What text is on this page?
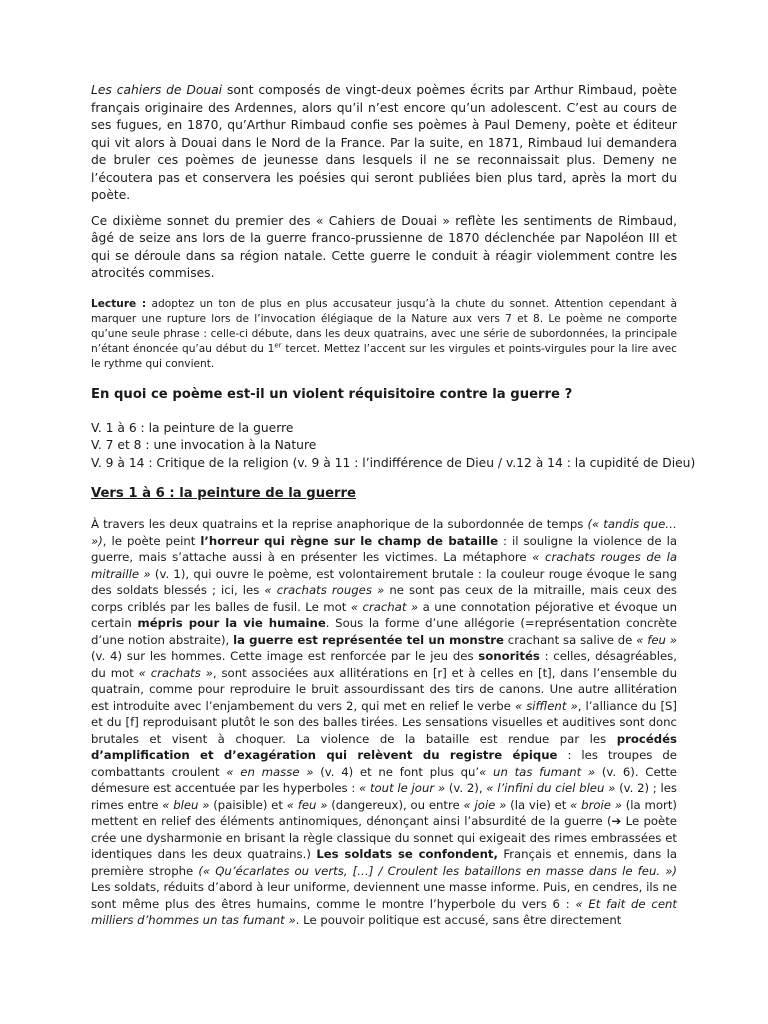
Les cahiers de Douai sont composés de vingt-deux poèmes écrits par Arthur Rimbaud, poète français originaire des Ardennes, alors qu’il n’est encore qu’un adolescent. C’est au cours de ses fugues, en 1870, qu’Arthur Rimbaud confie ses poèmes à Paul Demeny, poète et éditeur qui vit alors à Douai dans le Nord de la France. Par la suite, en 1871, Rimbaud lui demandera de bruler ces poèmes de jeunesse dans lesquels il ne se reconnaissait plus. Demeny ne l’écoutera pas et conservera les poésies qui seront publiées bien plus tard, après la mort du poète.

Ce dixième sonnet du premier des « Cahiers de Douai » reflète les sentiments de Rimbaud, âgé de seize ans lors de la guerre franco-prussienne de 1870 déclenchée par Napoléon III et qui se déroule dans sa région natale. Cette guerre le conduit à réagir violemment contre les atrocités commises.

Lecture : adoptez un ton de plus en plus accusateur jusqu’à la chute du sonnet. Attention cependant à marquer une rupture lors de l’invocation élégiaque de la Nature aux vers 7 et 8. Le poème ne comporte qu’une seule phrase : celle-ci débute, dans les deux quatrains, avec une série de subordonnées, la principale n’étant énoncée qu’au début du 1er tercet. Mettez l’accent sur les virgules et points-virgules pour la lire avec le rythme qui convient.

En quoi ce poème est-il un violent réquisitoire contre la guerre ?

V. 1 à 6 : la peinture de la guerre
V. 7 et 8 : une invocation à la Nature
V. 9 à 14 : Critique de la religion (v. 9 à 11 : l’indifférence de Dieu / v.12 à 14 : la cupidité de Dieu)

Vers 1 à 6 : la peinture de la guerre

À travers les deux quatrains et la reprise anaphorique de la subordonnée de temps (« tandis que… »), le poète peint l’horreur qui règne sur le champ de bataille : il souligne la violence de la guerre, mais s’attache aussi à en présenter les victimes. La métaphore « crachats rouges de la mitraille » (v. 1), qui ouvre le poème, est volontairement brutale : la couleur rouge évoque le sang des soldats blessés ; ici, les « crachats rouges » ne sont pas ceux de la mitraille, mais ceux des corps criblés par les balles de fusil. Le mot « crachat » a une connotation péjorative et évoque un certain mépris pour la vie humaine. Sous la forme d’une allégorie (=représentation concrète d’une notion abstraite), la guerre est représentée tel un monstre crachant sa salive de « feu » (v. 4) sur les hommes. Cette image est renforcée par le jeu des sonorités : celles, désagréables, du mot « crachats », sont associées aux allitérations en [r] et à celles en [t], dans l’ensemble du quatrain, comme pour reproduire le bruit assourdissant des tirs de canons. Une autre allitération est introduite avec l’enjambement du vers 2, qui met en relief le verbe « sifflent », l’alliance du [S] et du [f] reproduisant plutôt le son des balles tirées. Les sensations visuelles et auditives sont donc brutales et visent à choquer. La violence de la bataille est rendue par les procédés d’amplification et d’exagération qui relèvent du registre épique : les troupes de combattants croulent « en masse » (v. 4) et ne font plus qu’« un tas fumant » (v. 6). Cette démesure est accentuée par les hyperboles : « tout le jour » (v. 2), « l’infini du ciel bleu » (v. 2) ; les rimes entre « bleu » (paisible) et « feu » (dangereux), ou entre « joie » (la vie) et « broie » (la mort) mettent en relief des éléments antinomiques, dénonçant ainsi l’absurdité de la guerre (➔ Le poète crée une dysharmonie en brisant la règle classique du sonnet qui exigeait des rimes embrassées et identiques dans les deux quatrains.) Les soldats se confondent, Français et ennemis, dans la première strophe (« Qu’écarlates ou verts, […] / Croulent les bataillons en masse dans le feu. ») Les soldats, réduits d’abord à leur uniforme, deviennent une masse informe. Puis, en cendres, ils ne sont même plus des êtres humains, comme le montre l’hyperbole du vers 6 : « Et fait de cent milliers d’hommes un tas fumant ». Le pouvoir politique est accusé, sans être directement
